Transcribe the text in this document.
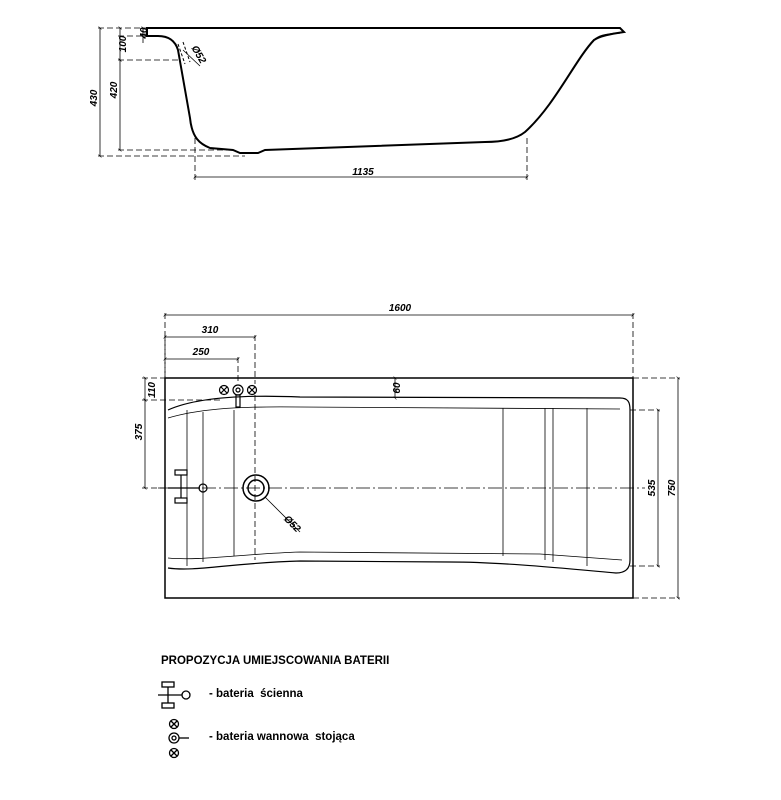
430 420
100
40
Ø52
1135
Ø52
1600
310
250
110
375
60
535 750
PROPOZYCJA UMIEJSCOWANIA BATERII
- bateria  ścienna
- bateria wannowa  stojąca
